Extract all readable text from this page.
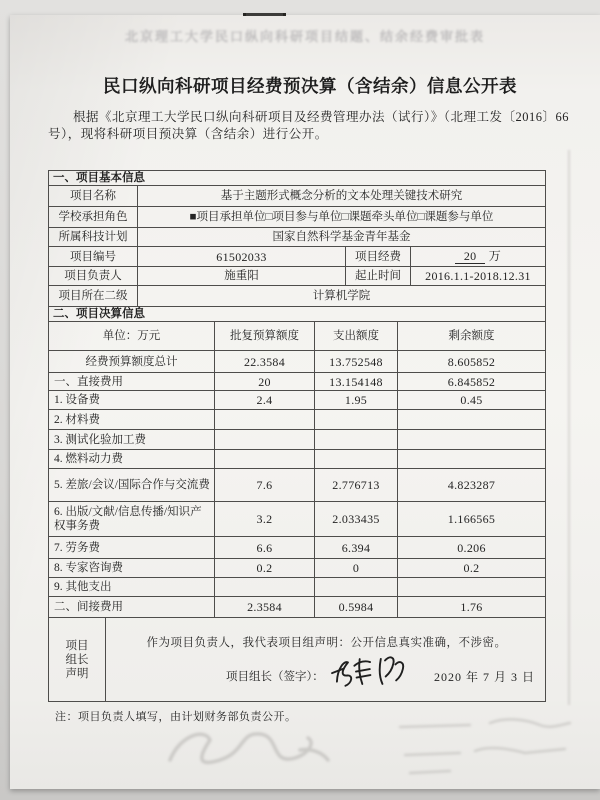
北京理工大学民口纵向科研项目结题、结余经费审批表
民口纵向科研项目经费预决算（含结余）信息公开表

根据《北京理工大学民口纵向科研项目及经费管理办法（试行）》（北理工发〔2016〕66 号），现将科研项目预决算（含结余）进行公开。

一、项目基本信息			
项目名称	基于主题形式概念分析的文本处理关键技术研究		
学校承担角色	■项目承担单位□项目参与单位□课题牵头单位□课题参与单位		
所属科技计划	国家自然科学基金青年基金		
项目编号	61502033	项目经费	20 万
项目负责人	施重阳	起止时间	2016.1.1-2018.12.31
项目所在二级	计算机学院		
二、项目决算信息			
单位：万元	批复预算额度	支出额度	剩余额度
经费预算额度总计	22.3584	13.752548	8.605852
一、直接费用	20	13.154148	6.845852
1. 设备费	2.4	1.95	0.45
2. 材料费			
3. 测试化验加工费			
4. 燃料动力费			
5. 差旅/会议/国际合作与交流费	7.6	2.776713	4.823287
6. 出版/文献/信息传播/知识产权事务费	3.2	2.033435	1.166565
7. 劳务费	6.6	6.394	0.206
8. 专家咨询费	0.2	0	0.2
9. 其他支出			
二、间接费用	2.3584	0.5984	1.76
项目
组长
声明

作为项目负责人，我代表项目组声明：公开信息真实准确，不涉密。
项目组长（签字）：	2020 年 7 月 3 日

注：项目负责人填写，由计划财务部负责公开。
